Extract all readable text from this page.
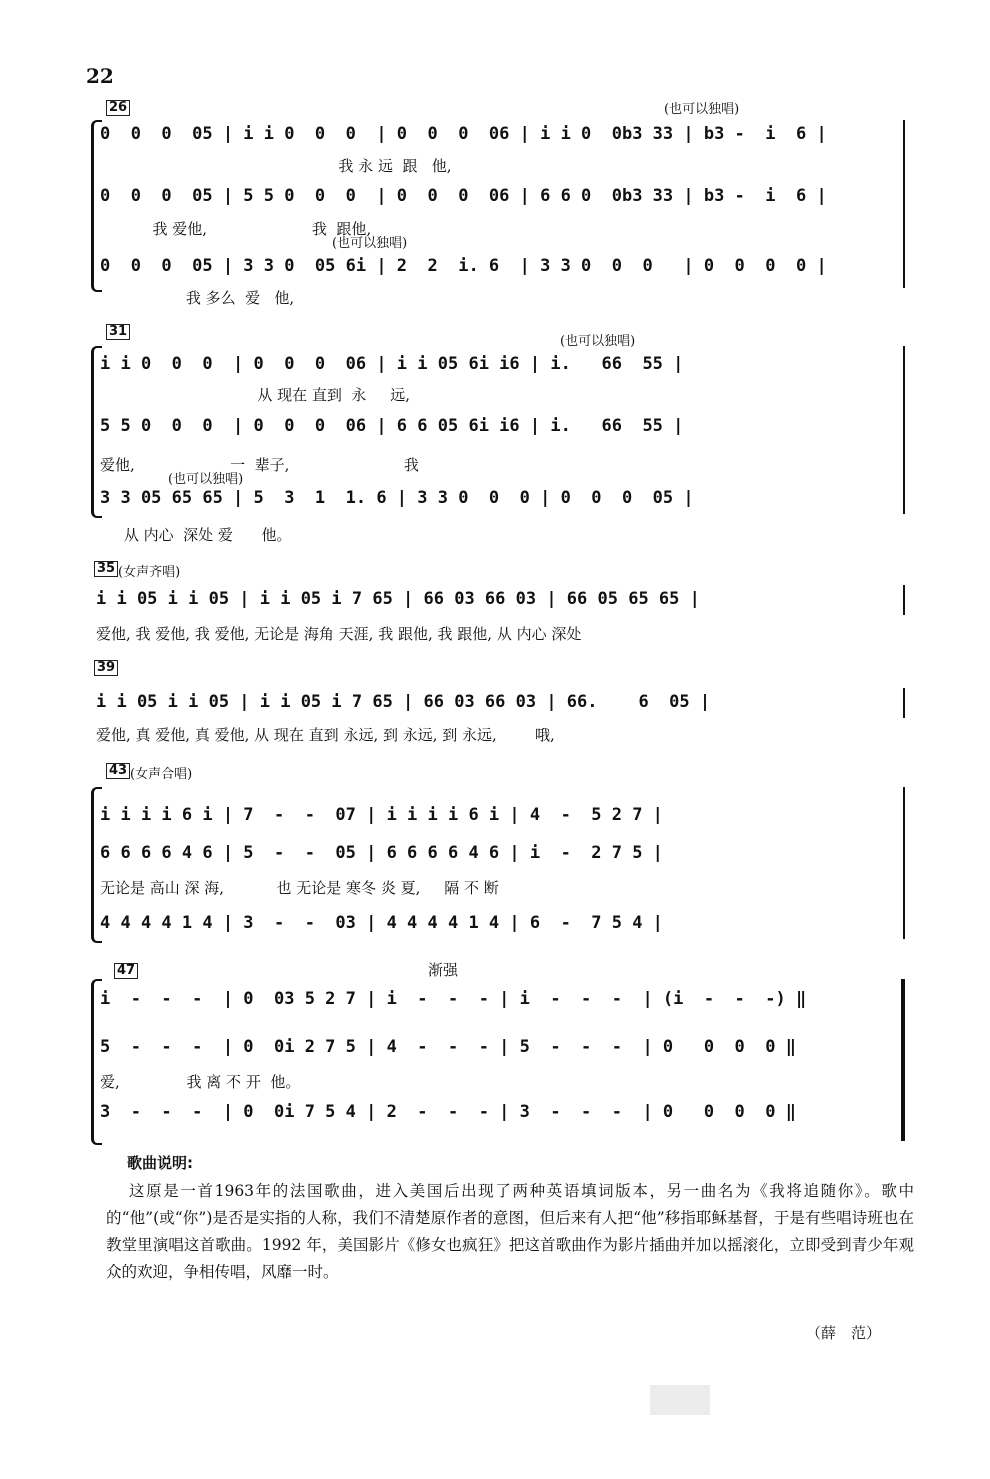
22
26	(也可以独唱)
(也可以独唱)
0  0  0  05 | i i 0  0  0  | 0  0  0  06 | i i 0  0b3 33 | b3 -  i  6 |
我 永 远  跟   他,
0  0  0  05 | 5 5 0  0  0  | 0  0  0  06 | 6 6 0  0b3 33 | b3 -  i  6 |
我 爱他,                      我  跟他,
0  0  0  05 | 3 3 0  05 6i | 2  2  i. 6  | 3 3 0  0  0   | 0  0  0  0 |
我 多么  爱   他,
31
(也可以独唱)
(也可以独唱)
i i 0  0  0  | 0  0  0  06 | i i 05 6i i6 | i.   66  55 |
从 现在 直到  永     远,
5 5 0  0  0  | 0  0  0  06 | 6 6 05 6i i6 | i.   66  55 |
爱他,                    一  辈子,                        我
3 3 05 65 65 | 5  3  1  1. 6 | 3 3 0  0  0 | 0  0  0  05 |
从 内心  深处 爱      他。
35 (女声齐唱)
i i 05 i i 05 | i i 05 i 7 65 | 66 03 66 03 | 66 05 65 65 |
爱他, 我 爱他, 我 爱他, 无论是 海角 天涯, 我 跟他, 我 跟他, 从 内心 深处
39
i i 05 i i 05 | i i 05 i 7 65 | 66 03 66 03 | 66.    6  05 |
爱他, 真 爱他, 真 爱他, 从 现在 直到 永远, 到 永远, 到 永远,        哦,
43 (女声合唱)
i i i i 6 i | 7  -  -  07 | i i i i 6 i | 4  -  5 2 7 |
6 6 6 6 4 6 | 5  -  -  05 | 6 6 6 6 4 6 | i  -  2 7 5 |
无论是 高山 深 海,           也 无论是 寒冬 炎 夏,     隔 不 断
4 4 4 4 1 4 | 3  -  -  03 | 4 4 4 4 1 4 | 6  -  7 5 4 |
47	渐强
i  -  -  -  | 0  03 5 2 7 | i  -  -  - | i  -  -  -  | (i  -  -  -) ‖
5  -  -  -  | 0  0i 2 7 5 | 4  -  -  - | 5  -  -  -  | 0   0  0  0 ‖
爱,              我 离 不 开  他。
3  -  -  -  | 0  0i 7 5 4 | 2  -  -  - | 3  -  -  -  | 0   0  0  0 ‖
歌曲说明:
这原是一首1963年的法国歌曲，进入美国后出现了两种英语填词版本，另一曲名为《我将追随你》。歌中的“他”(或“你”)是否是实指的人称，我们不清楚原作者的意图，但后来有人把“他”移指耶稣基督，于是有些唱诗班也在教堂里演唱这首歌曲。1992 年，美国影片《修女也疯狂》把这首歌曲作为影片插曲并加以摇滚化，立即受到青少年观众的欢迎，争相传唱，风靡一时。
（薛　范）
